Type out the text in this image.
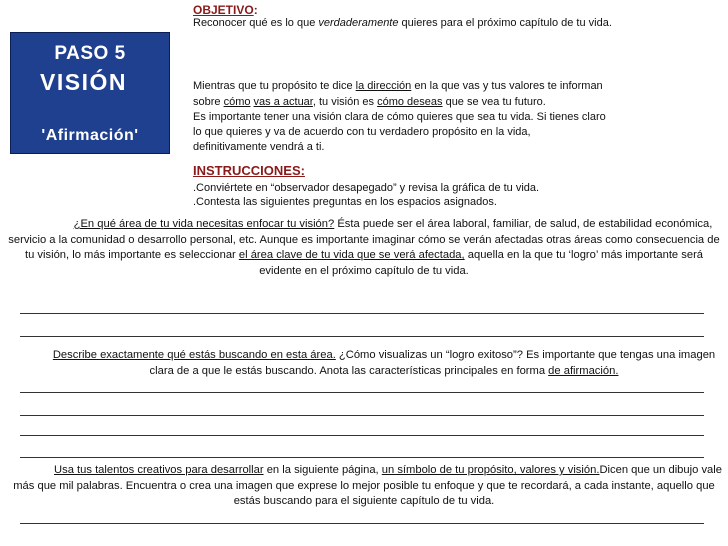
PASO 5
VISIÓN
'Afirmación'
OBJETIVO:
Reconocer qué es lo que verdaderamente quieres para el próximo capítulo de tu vida.
Mientras que tu propósito te dice la dirección en la que vas y tus valores te informan
sobre cómo vas a actuar, tu visión es cómo deseas que se vea tu futuro.
Es importante tener una visión clara de cómo quieres que sea tu vida. Si tienes claro
lo que quieres y va de acuerdo con tu verdadero propósito en la vida,
definitivamente vendrá a ti.
INSTRUCCIONES:
.Conviértete en “observador desapegado” y revisa la gráfica de tu vida.
.Contesta las siguientes preguntas en los espacios asignados.
¿En qué área de tu vida necesitas enfocar tu visión? Ésta puede ser el área laboral, familiar, de salud, de estabilidad económica, servicio a la comunidad o desarrollo personal, etc. Aunque es importante imaginar cómo se verán afectadas otras áreas como consecuencia de tu visión, lo más importante es seleccionar el área clave de tu vida que se verá afectada, aquella en la que tu ‘logro’ más importante será evidente en el próximo capítulo de tu vida.
Describe exactamente qué estás buscando en esta área. ¿Cómo visualizas un “logro exitoso”? Es importante que tengas una imagen clara de a que le estás buscando. Anota las características principales en forma de afirmación.
Usa tus talentos creativos para desarrollar en la siguiente página, un símbolo de tu propósito, valores y visión.Dicen que un dibujo vale más que mil palabras. Encuentra o crea una imagen que exprese lo mejor posible tu enfoque y que te recordará, a cada instante, aquello que estás buscando para el siguiente capítulo de tu vida.
